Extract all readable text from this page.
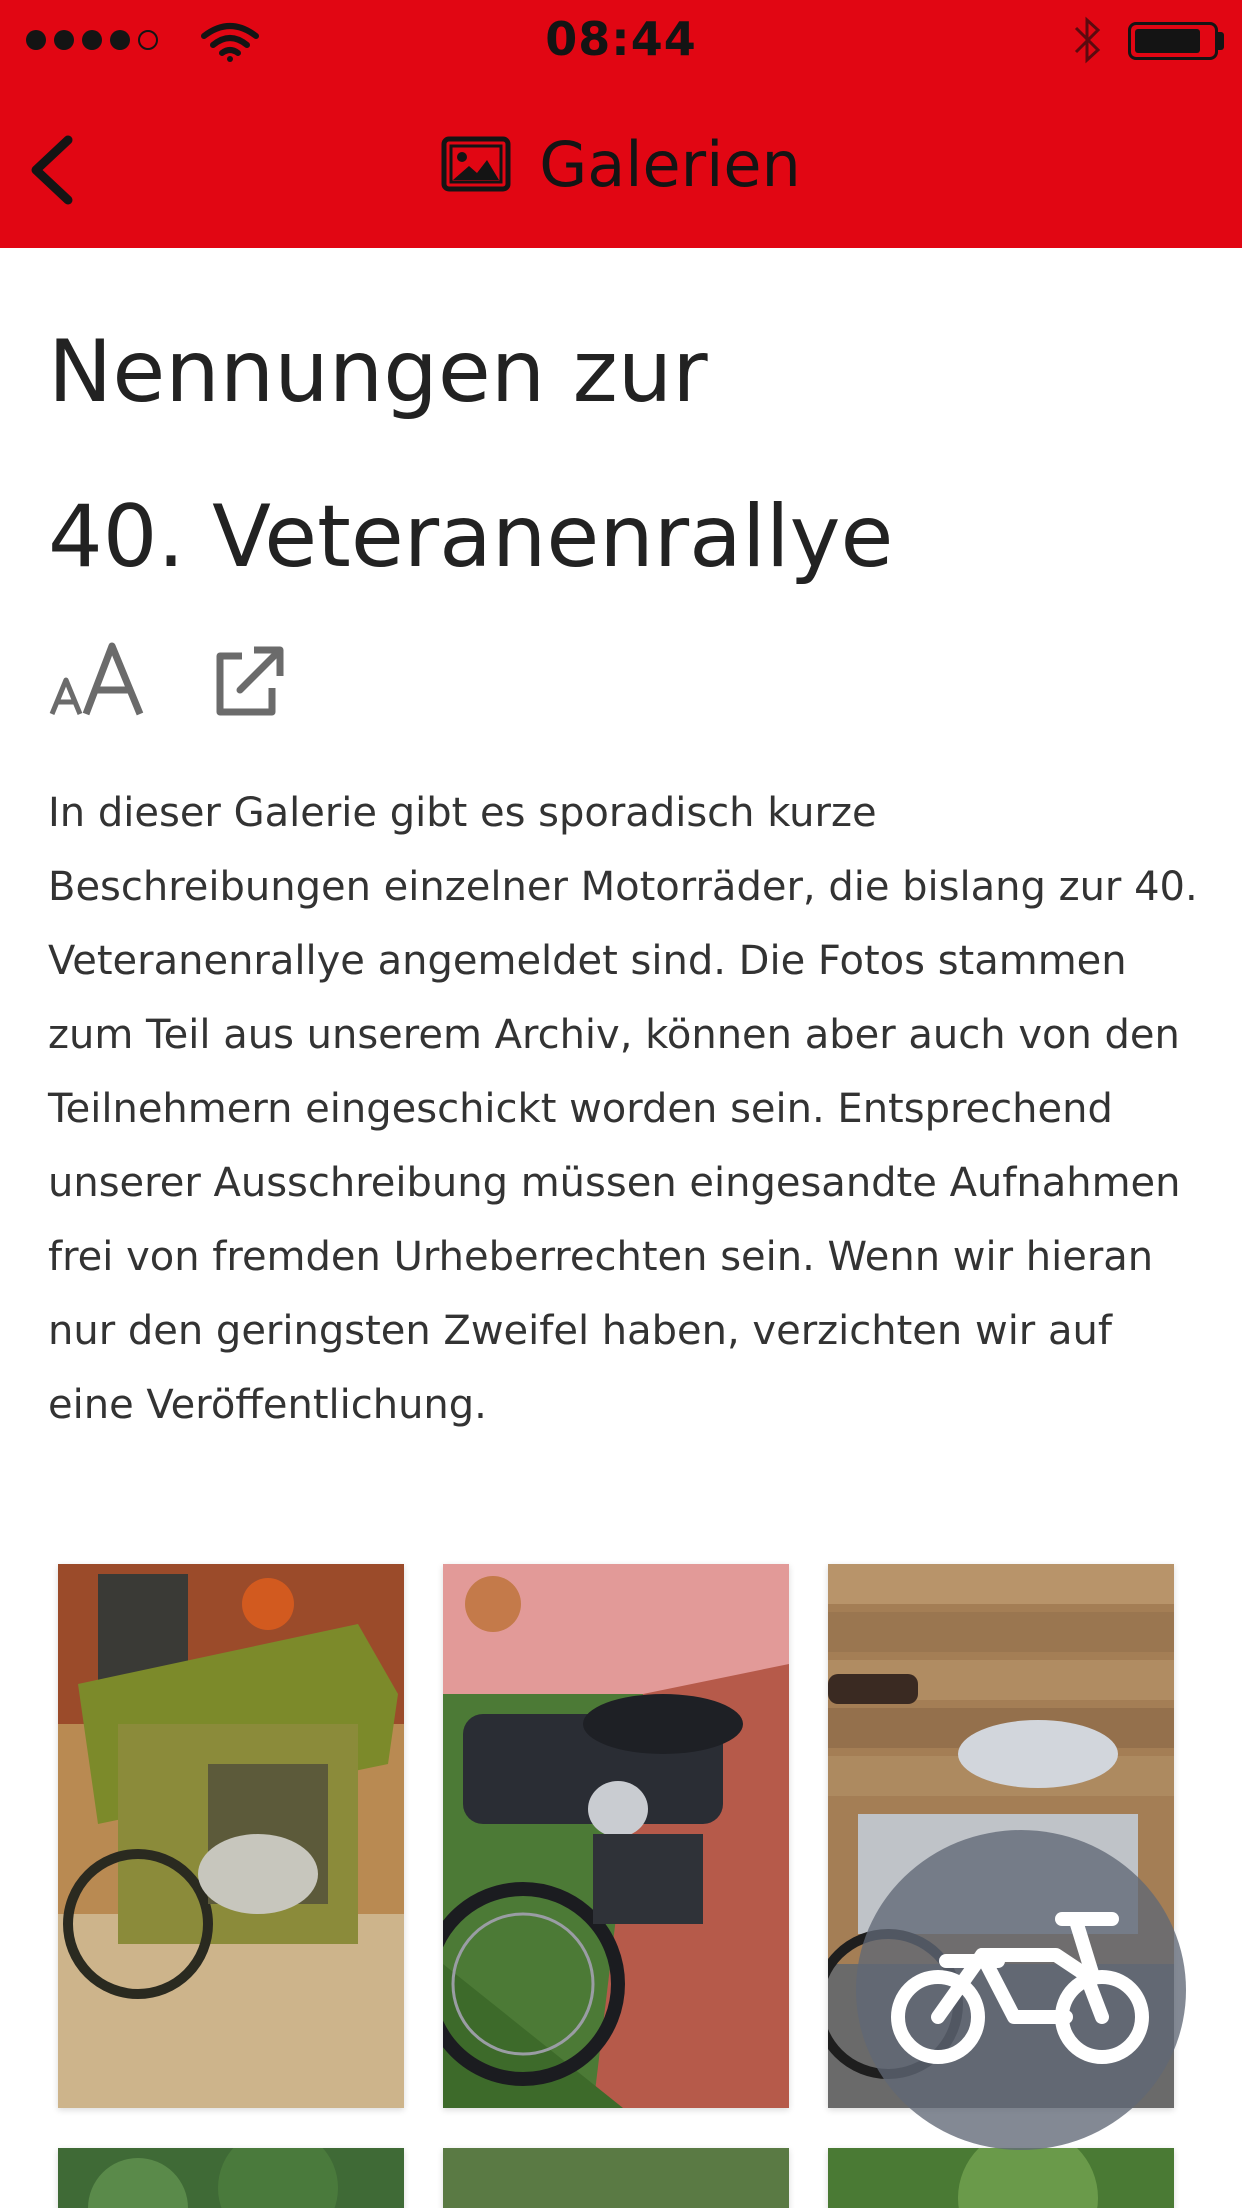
08:44
Galerien
Nennungen zur
40. Veteranenrallye

In dieser Galerie gibt es sporadisch kurze Beschreibungen einzelner Motorräder, die bislang zur 40. Veteranenrallye angemeldet sind. Die Fotos stammen zum Teil aus unserem Archiv, können aber auch von den Teilnehmern eingeschickt worden sein. Entsprechend unserer Ausschreibung müssen eingesandte Aufnahmen frei von fremden Urheberrechten sein. Wenn wir hieran nur den geringsten Zweifel haben, verzichten wir auf eine Veröffentlichung.
